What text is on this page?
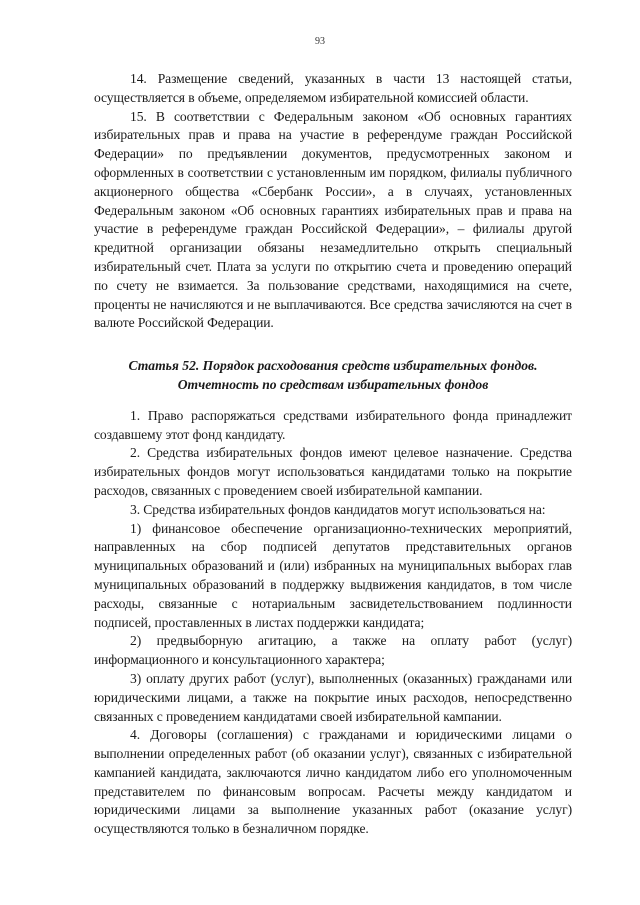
93

14. Размещение сведений, указанных в части 13 настоящей статьи, осуществляется в объеме, определяемом избирательной комиссией области.

15. В соответствии с Федеральным законом «Об основных гарантиях избирательных прав и права на участие в референдуме граждан Российской Федерации» по предъявлении документов, предусмотренных законом и оформленных в соответствии с установленным им порядком, филиалы публичного акционерного общества «Сбербанк России», а в случаях, установленных Федеральным законом «Об основных гарантиях избирательных прав и права на участие в референдуме граждан Российской Федерации», – филиалы другой кредитной организации обязаны незамедлительно открыть специальный избирательный счет. Плата за услуги по открытию счета и проведению операций по счету не взимается. За пользование средствами, находящимися на счете, проценты не начисляются и не выплачиваются. Все средства зачисляются на счет в валюте Российской Федерации.

Статья 52. Порядок расходования средств избирательных фондов.
Отчетность по средствам избирательных фондов

1. Право распоряжаться средствами избирательного фонда принадлежит создавшему этот фонд кандидату.

2. Средства избирательных фондов имеют целевое назначение. Средства избирательных фондов могут использоваться кандидатами только на покрытие расходов, связанных с проведением своей избирательной кампании.

3. Средства избирательных фондов кандидатов могут использоваться на:

1) финансовое обеспечение организационно-технических мероприятий, направленных на сбор подписей депутатов представительных органов муниципальных образований и (или) избранных на муниципальных выборах глав муниципальных образований в поддержку выдвижения кандидатов, в том числе расходы, связанные с нотариальным засвидетельствованием подлинности подписей, проставленных в листах поддержки кандидата;

2) предвыборную агитацию, а также на оплату работ (услуг) информационного и консультационного характера;

3) оплату других работ (услуг), выполненных (оказанных) гражданами или юридическими лицами, а также на покрытие иных расходов, непосредственно связанных с проведением кандидатами своей избирательной кампании.

4. Договоры (соглашения) с гражданами и юридическими лицами о выполнении определенных работ (об оказании услуг), связанных с избирательной кампанией кандидата, заключаются лично кандидатом либо его уполномоченным представителем по финансовым вопросам. Расчеты между кандидатом и юридическими лицами за выполнение указанных работ (оказание услуг) осуществляются только в безналичном порядке.
